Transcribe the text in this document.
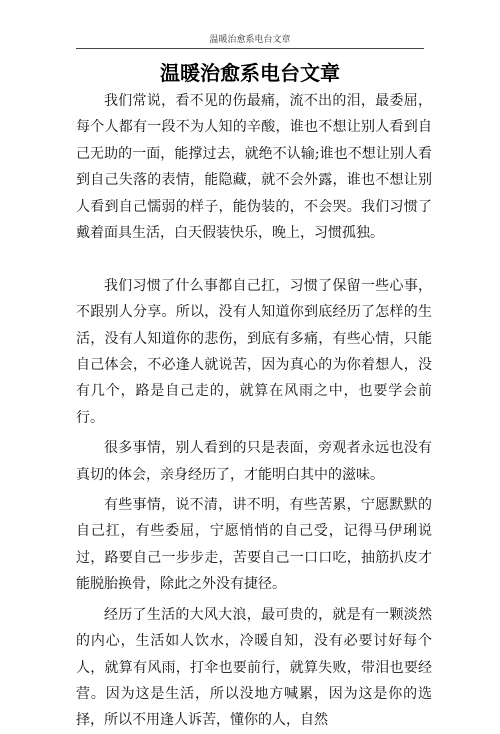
温暖治愈系电台文章
温暖治愈系电台文章

我们常说，看不见的伤最痛，流不出的泪，最委屈，每个人都有一段不为人知的辛酸，谁也不想让别人看到自己无助的一面，能撑过去，就绝不认输;谁也不想让别人看到自己失落的表情，能隐藏，就不会外露，谁也不想让别人看到自己懦弱的样子，能伪装的，不会哭。我们习惯了戴着面具生活，白天假装快乐，晚上，习惯孤独。

我们习惯了什么事都自己扛，习惯了保留一些心事，不跟别人分享。所以，没有人知道你到底经历了怎样的生活，没有人知道你的悲伤，到底有多痛，有些心情，只能自己体会，不必逢人就说苦，因为真心的为你着想人，没有几个，路是自己走的，就算在风雨之中，也要学会前行。

很多事情，别人看到的只是表面，旁观者永远也没有真切的体会，亲身经历了，才能明白其中的滋味。

有些事情，说不清，讲不明，有些苦累，宁愿默默的自己扛，有些委屈，宁愿悄悄的自己受，记得马伊琍说过，路要自己一步步走，苦要自己一口口吃，抽筋扒皮才能脱胎换骨，除此之外没有捷径。

经历了生活的大风大浪，最可贵的，就是有一颗淡然的内心，生活如人饮水，冷暖自知，没有必要讨好每个人，就算有风雨，打伞也要前行，就算失败，带泪也要经营。因为这是生活，所以没地方喊累，因为这是你的选择，所以不用逢人诉苦，懂你的人，自然
